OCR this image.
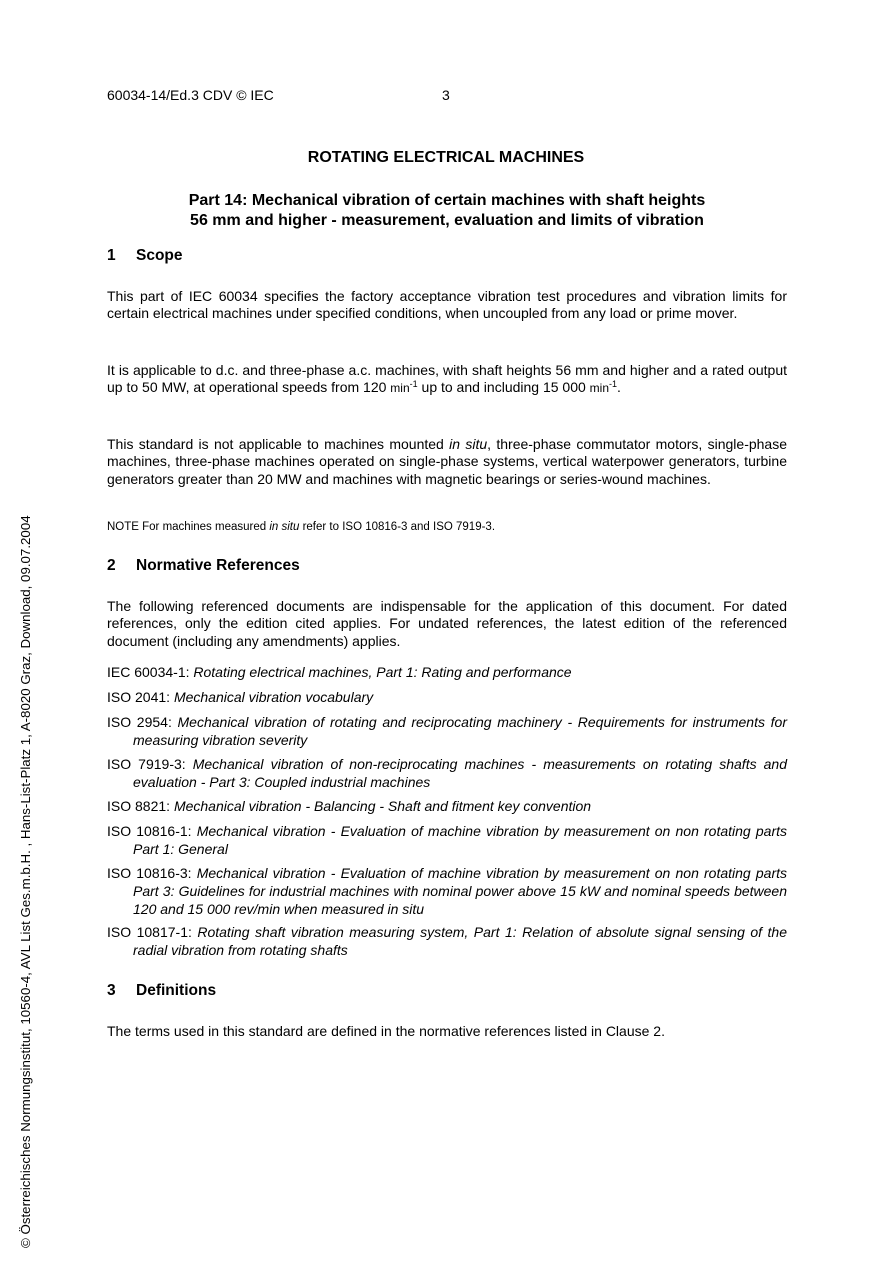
60034-14/Ed.3 CDV © IEC	3
ROTATING ELECTRICAL MACHINES
Part 14: Mechanical vibration of certain machines with shaft heights
56 mm and higher - measurement, evaluation and limits of vibration
1 Scope
This part of IEC 60034 specifies the factory acceptance vibration test procedures and vibration limits for certain electrical machines under specified conditions, when uncoupled from any load or prime mover.
It is applicable to d.c. and three-phase a.c. machines, with shaft heights 56 mm and higher and a rated output up to 50 MW, at operational speeds from 120 $\min^{-1}$ up to and including 15 000 $\min^{-1}$.
This standard is not applicable to machines mounted in situ, three-phase commutator motors, single-phase machines, three-phase machines operated on single-phase systems, vertical waterpower generators, turbine generators greater than 20 MW and machines with magnetic bearings or series-wound machines.
NOTE For machines measured in situ refer to ISO 10816-3 and ISO 7919-3.
2 Normative References
The following referenced documents are indispensable for the application of this document. For dated references, only the edition cited applies. For undated references, the latest edition of the referenced document (including any amendments) applies.
IEC 60034-1: Rotating electrical machines, Part 1: Rating and performance
ISO 2041: Mechanical vibration vocabulary
ISO 2954: Mechanical vibration of rotating and reciprocating machinery - Requirements for instruments for measuring vibration severity
ISO 7919-3: Mechanical vibration of non-reciprocating machines - measurements on rotating shafts and evaluation - Part 3: Coupled industrial machines
ISO 8821: Mechanical vibration - Balancing - Shaft and fitment key convention
ISO 10816-1: Mechanical vibration - Evaluation of machine vibration by measurement on non rotating parts Part 1: General
ISO 10816-3: Mechanical vibration - Evaluation of machine vibration by measurement on non rotating parts Part 3: Guidelines for industrial machines with nominal power above 15 kW and nominal speeds between 120 and 15 000 rev/min when measured in situ
ISO 10817-1: Rotating shaft vibration measuring system, Part 1: Relation of absolute signal sensing of the radial vibration from rotating shafts
3 Definitions
The terms used in this standard are defined in the normative references listed in Clause 2.
© Österreichisches Normungsinstitut, 10560-4, AVL List Ges.m.b.H. , Hans-List-Platz 1, A-8020 Graz, Download, 09.07.2004
